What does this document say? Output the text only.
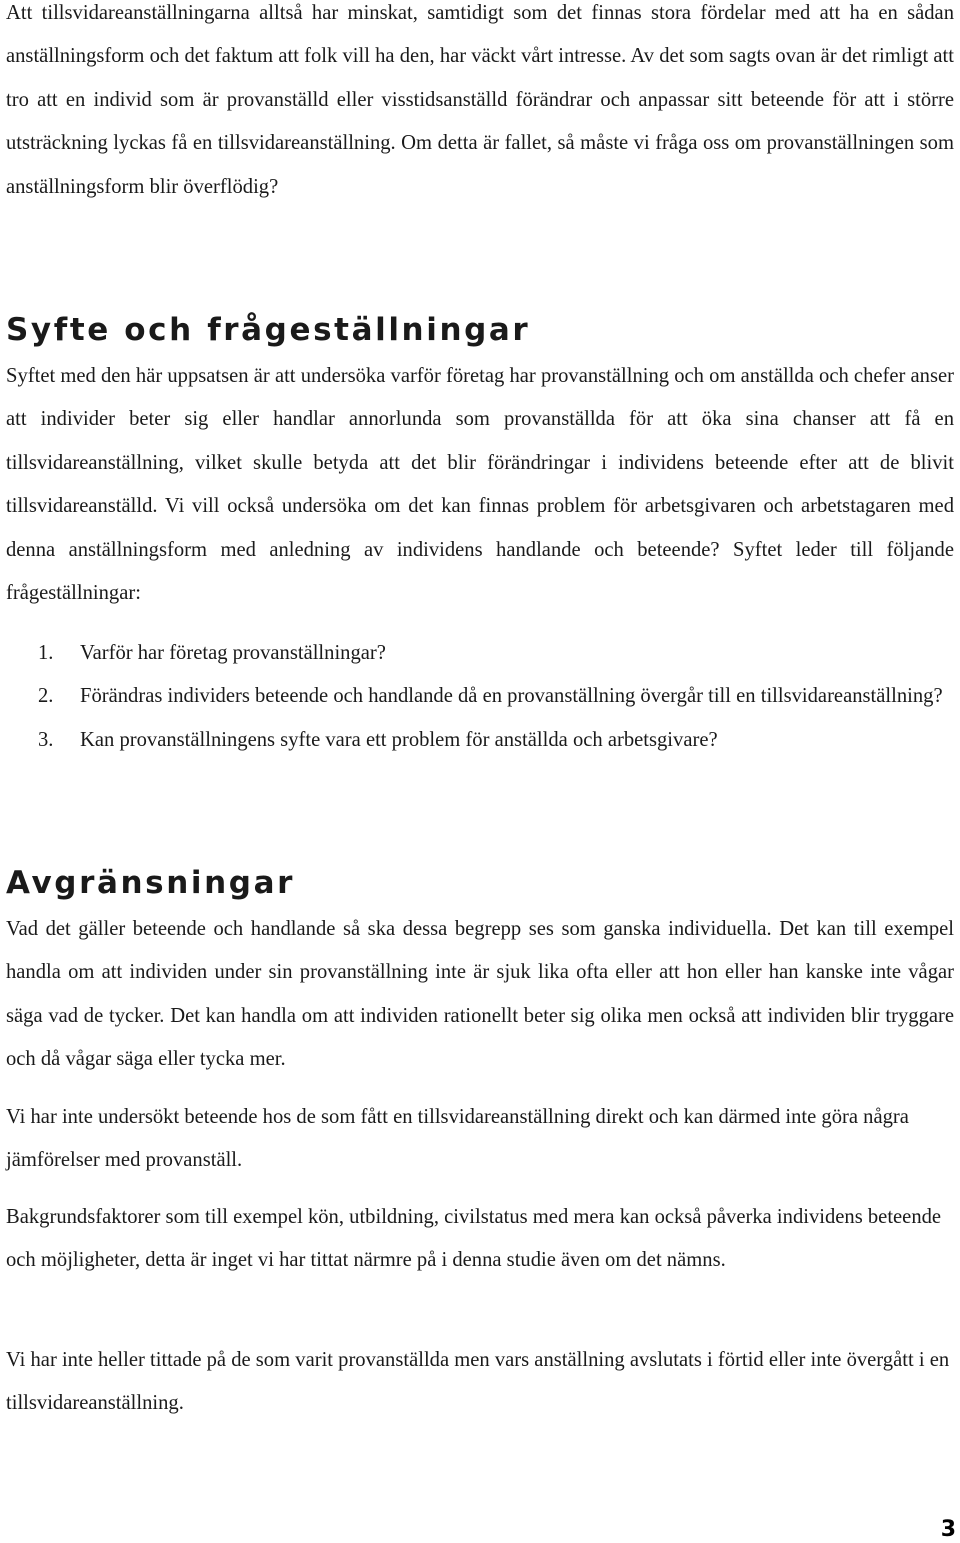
Att tillsvidareanställningarna alltså har minskat, samtidigt som det finnas stora fördelar med att ha en sådan anställningsform och det faktum att folk vill ha den, har väckt vårt intresse. Av det som sagts ovan är det rimligt att tro att en individ som är provanställd eller visstidsanställd förändrar och anpassar sitt beteende för att i större utsträckning lyckas få en tillsvidareanställning. Om detta är fallet, så måste vi fråga oss om provanställningen som anställningsform blir överflödig?

Syfte och frågeställningar

Syftet med den här uppsatsen är att undersöka varför företag har provanställning och om anställda och chefer anser att individer beter sig eller handlar annorlunda som provanställda för att öka sina chanser att få en tillsvidareanställning, vilket skulle betyda att det blir förändringar i individens beteende efter att de blivit tillsvidareanställd. Vi vill också undersöka om det kan finnas problem för arbetsgivaren och arbetstagaren med denna anställningsform med anledning av individens handlande och beteende? Syftet leder till följande frågeställningar:

1. Varför har företag provanställningar?
2. Förändras individers beteende och handlande då en provanställning övergår till en tillsvidareanställning?
3. Kan provanställningens syfte vara ett problem för anställda och arbetsgivare?
Avgränsningar

Vad det gäller beteende och handlande så ska dessa begrepp ses som ganska individuella. Det kan till exempel handla om att individen under sin provanställning inte är sjuk lika ofta eller att hon eller han kanske inte vågar säga vad de tycker. Det kan handla om att individen rationellt beter sig olika men också att individen blir tryggare och då vågar säga eller tycka mer.

Vi har inte undersökt beteende hos de som fått en tillsvidareanställning direkt och kan därmed inte göra några jämförelser med provanställ.

Bakgrundsfaktorer som till exempel kön, utbildning, civilstatus med mera kan också påverka individens beteende och möjligheter, detta är inget vi har tittat närmre på i denna studie även om det nämns.

Vi har inte heller tittade på de som varit provanställda men vars anställning avslutats i förtid eller inte övergått i en tillsvidareanställning.

3
